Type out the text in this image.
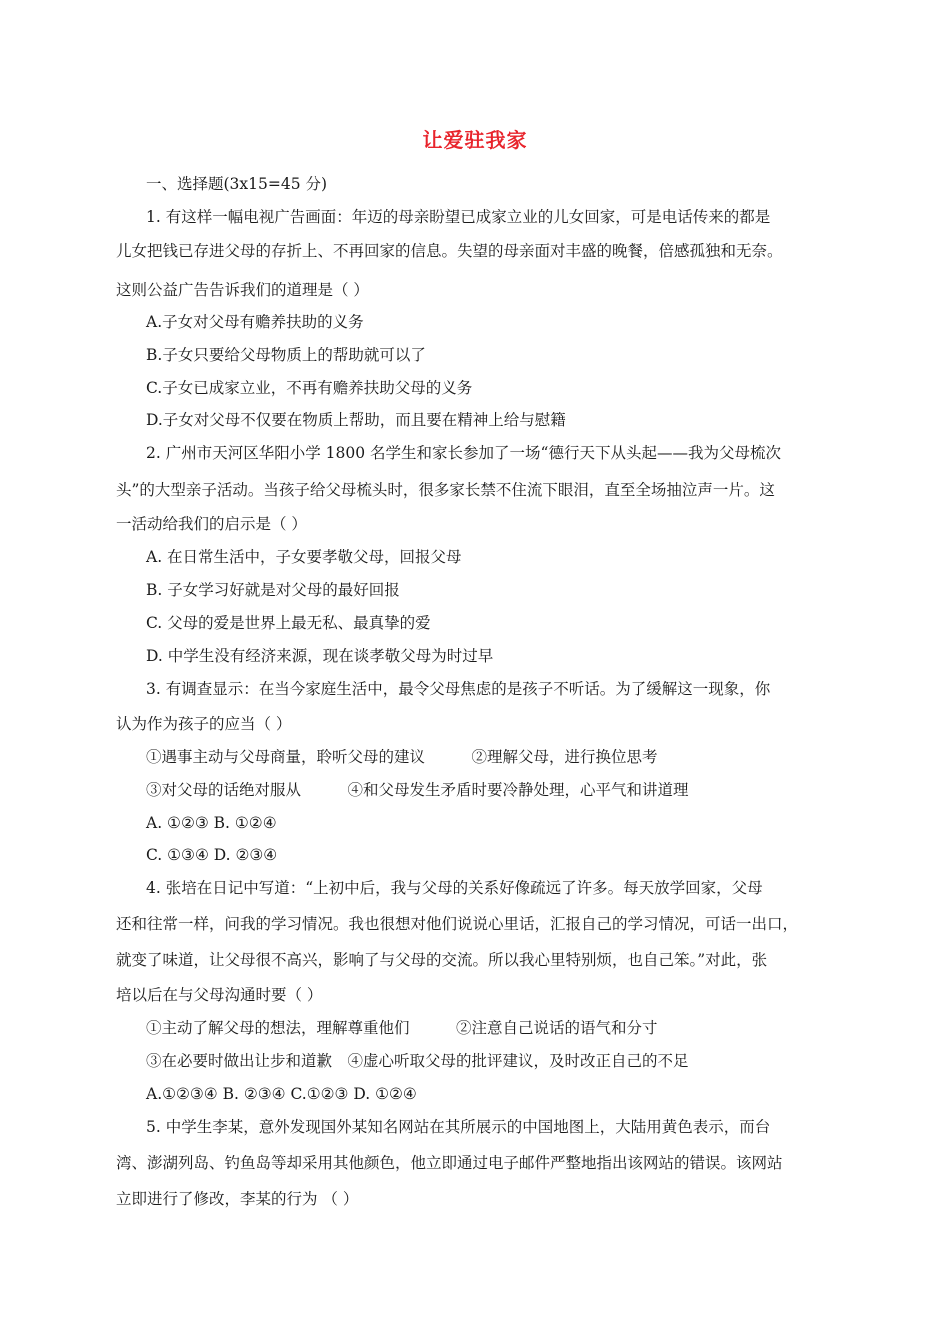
让爱驻我家
一、选择题(3x15=45 分)
1. 有这样一幅电视广告画面：年迈的母亲盼望已成家立业的儿女回家，可是电话传来的都是
儿女把钱已存进父母的存折上、不再回家的信息。失望的母亲面对丰盛的晚餐，倍感孤独和无奈。
这则公益广告告诉我们的道理是（ ）
A.子女对父母有赡养扶助的义务
B.子女只要给父母物质上的帮助就可以了
C.子女已成家立业，不再有赡养扶助父母的义务
D.子女对父母不仅要在物质上帮助，而且要在精神上给与慰籍
2. 广州市天河区华阳小学 1800 名学生和家长参加了一场“德行天下从头起——我为父母梳次
头”的大型亲子活动。当孩子给父母梳头时，很多家长禁不住流下眼泪，直至全场抽泣声一片。这
一活动给我们的启示是（ ）
A. 在日常生活中，子女要孝敬父母，回报父母
B. 子女学习好就是对父母的最好回报
C. 父母的爱是世界上最无私、最真挚的爱
D. 中学生没有经济来源，现在谈孝敬父母为时过早
3. 有调查显示：在当今家庭生活中，最令父母焦虑的是孩子不听话。为了缓解这一现象，你
认为作为孩子的应当（ ）
①遇事主动与父母商量，聆听父母的建议　　　②理解父母，进行换位思考
③对父母的话绝对服从　　　④和父母发生矛盾时要冷静处理，心平气和讲道理
A. ①②③ B. ①②④
C. ①③④ D. ②③④
4. 张培在日记中写道：“上初中后，我与父母的关系好像疏远了许多。每天放学回家，父母
还和往常一样，问我的学习情况。我也很想对他们说说心里话，汇报自己的学习情况，可话一出口，
就变了味道，让父母很不高兴，影响了与父母的交流。所以我心里特别烦，也自己笨。”对此，张
培以后在与父母沟通时要（ ）
①主动了解父母的想法，理解尊重他们　　　②注意自己说话的语气和分寸
③在必要时做出让步和道歉　④虚心听取父母的批评建议，及时改正自己的不足
A.①②③④ B. ②③④ C.①②③ D. ①②④
5. 中学生李某，意外发现国外某知名网站在其所展示的中国地图上，大陆用黄色表示，而台
湾、澎湖列岛、钓鱼岛等却采用其他颜色，他立即通过电子邮件严整地指出该网站的错误。该网站
立即进行了修改，李某的行为 （ ）
